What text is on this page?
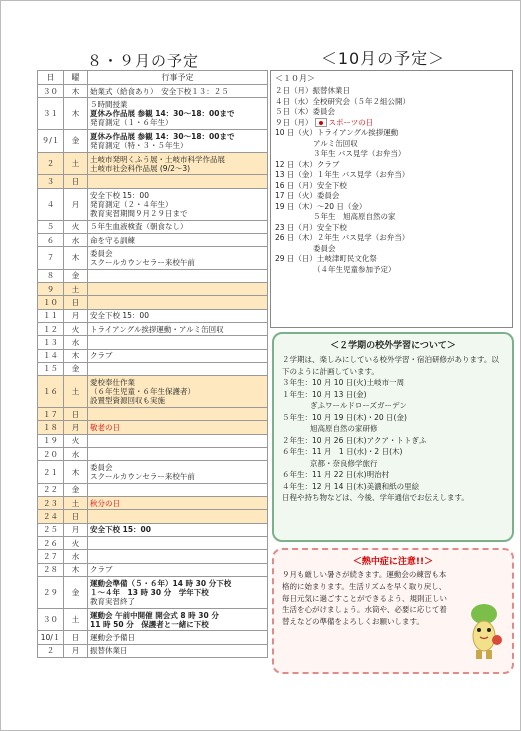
８・９月の予定	＜10月の予定＞
日	曜	行事予定
３０	木	始業式（給食あり）　安全下校１３：２５

３１	木	５時間授業
夏休み作品展 参観 14：30～18：00まで
発育測定（１・６年生）

９/１	金	夏休み作品展 参観 14：30～18：00まで
発育測定（特・３・５年生）

２	土	土岐市発明くふう展・土岐市科学作品展
土岐市社会科作品展 (9/2～3)

３	日	
４	月	安全下校 15：00
発育測定（２・４年生）
教育実習期間９月２９日まで

５	火	５年生血液検査（朝食なし）

６	水	命を守る訓練

７	木	委員会
スクールカウンセラー来校午前

８	金	
９	土	
１０	日	
１１	月	安全下校 15：00

１２	火	トライアングル挨拶運動・アルミ缶回収

１３	水	
１４	木	クラブ

１５	金	
１６	土	愛校奉仕作業
（６年生児童・６年生保護者）
設置型資源回収も実施

１７	日	
１８	月	敬老の日

１９	火	
２０	水	
２１	木	委員会
スクールカウンセラー来校午前

２２	金	
２３	土	秋分の日

２４	日	
２５	月	安全下校 15：00

２６	火	
２７	水	
２８	木	クラブ

２９	金	運動会準備（５・６年）14 時 30 分下校
１～４年　13 時 30 分　学年下校
教育実習終了

３０	土	運動会 午前中開催 開会式 8 時 30 分
11 時 50 分　保護者と一緒に下校

10/１	日	運動会予備日

２	月	振替休業日
＜１０月＞
２日（月）振替休業日
４日（水）全校研究会（５年２組公開）
５日（木）委員会
９日（月） スポーツの日
10 日（火）トライアングル挨拶運動
アルミ缶回収
３年生 バス見学（お弁当）
12 日（木）クラブ
13 日（金）１年生 バス見学（お弁当）
16 日（月）安全下校
17 日（火）委員会
19 日（木）～20 日（金）
５年生　旭高原自然の家
23 日（月）安全下校
26 日（木）２年生 バス見学（お弁当）
委員会
29 日（日）土岐津町民文化祭
（４年生児童参加予定）
＜２学期の校外学習について＞
２学期は、楽しみにしている校外学習・宿泊研修があります。以下のように計画しています。
３年生：10 月 10 日(火)土岐市一周
１年生：10 月 13 日(金)
ぎふワールドローズガーデン
５年生：10 月 19 日(木)・20 日(金)
旭高原自然の家研修
２年生：10 月 26 日(木)アクア・トトぎふ
６年生：11 月　1 日(水)・2 日(木)
京都・奈良修学旅行
６年生：11 月 22 日(水)明治村
４年生：12 月 14 日(木)美濃和紙の里絵
日程や持ち物などは、今後、学年通信でお伝えします。
＜熱中症に注意!!＞
９月も厳しい暑さが続きます。運動会の練習も本格的に始まります。生活リズムを早く取り戻し、毎日元気に過ごすことができるよう、規則正しい生活を心がけましょう。水筒や、必要に応じて着替えなどの準備をよろしくお願いします。
